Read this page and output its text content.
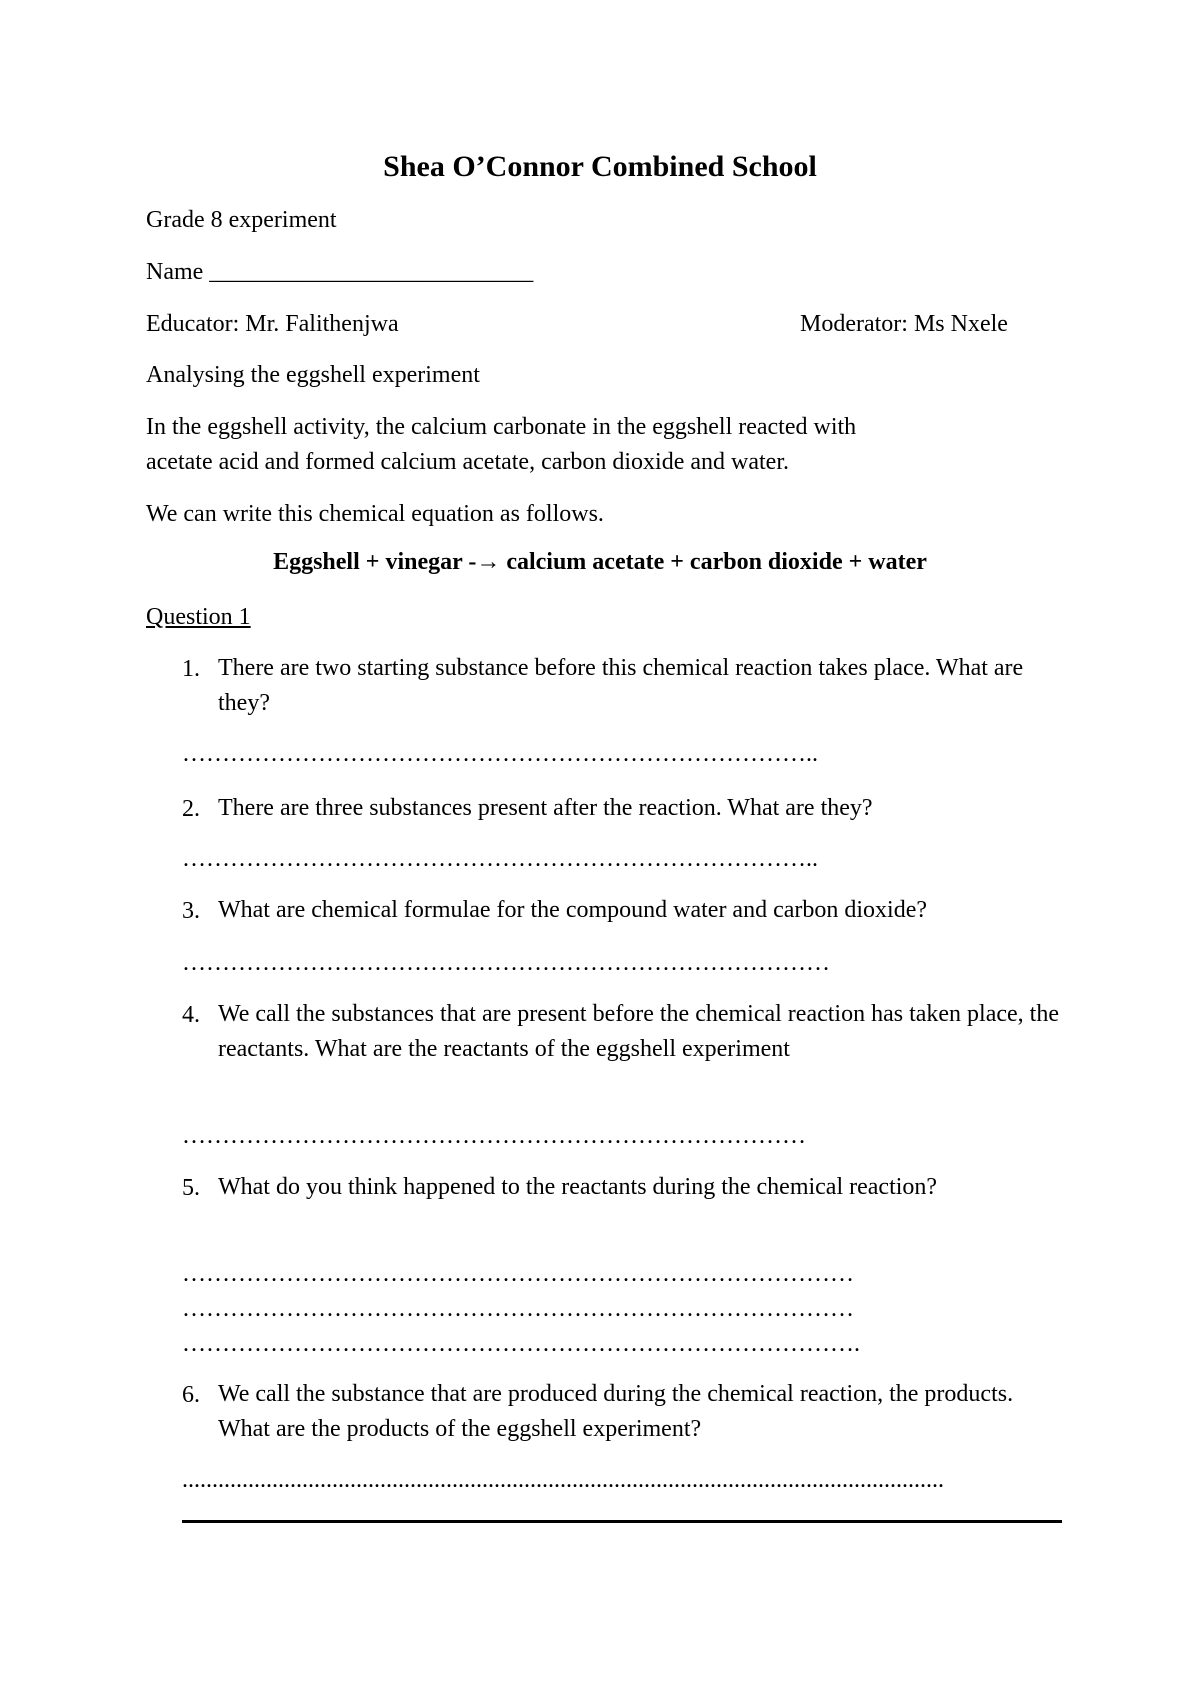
Shea O’Connor Combined School
Grade 8 experiment
Name ___________________________
Educator: Mr. Falithenjwa	Moderator: Ms Nxele
Analysing the eggshell experiment
In the eggshell activity, the calcium carbonate in the eggshell reacted with
acetate acid and formed calcium acetate, carbon dioxide and water.
We can write this chemical equation as follows.
Eggshell + vinegar -→ calcium acetate + carbon dioxide + water
Question 1
1. There are two starting substance before this chemical reaction takes place. What are they?
……………………………………………………………………..
2. There are three substances present after the reaction. What are they?
……………………………………………………………………..
3. What are chemical formulae for the compound water and carbon dioxide?
………………………………………………………………………
4. We call the substances that are present before the chemical reaction has taken place, the reactants. What are the reactants of the eggshell experiment
……………………………………………………………………
5. What do you think happened to the reactants during the chemical reaction?
…………………………………………………………………………
…………………………………………………………………………
………………………………………………………………………….
6. We call the substance that are produced during the chemical reaction, the products. What are the products of the eggshell experiment?
...............................................................................................................................
